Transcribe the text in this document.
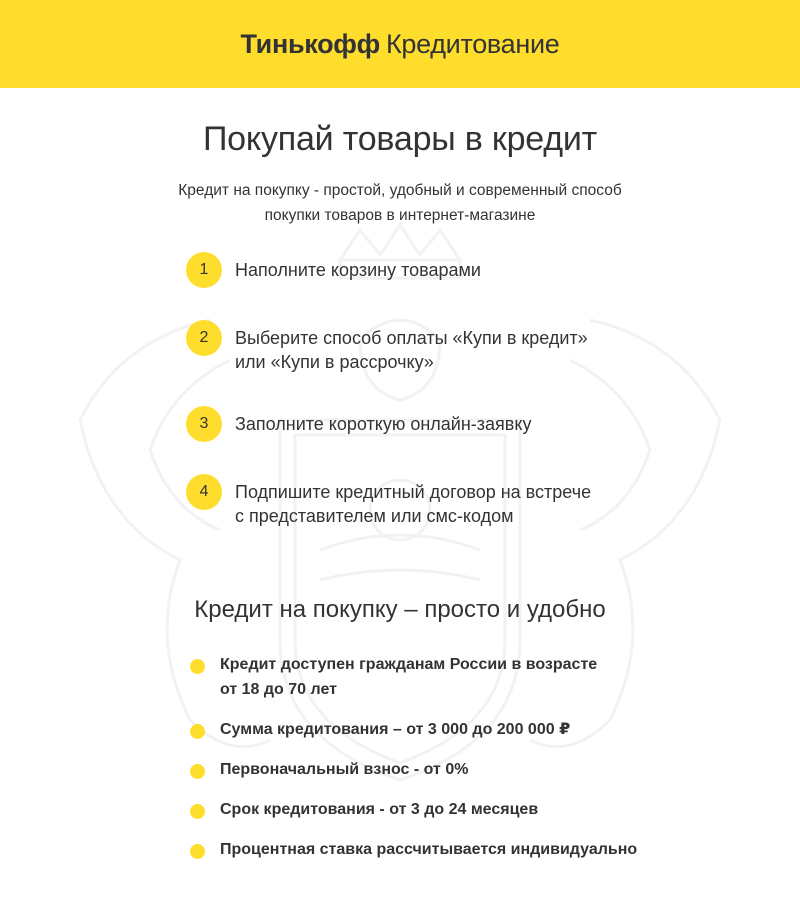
Тинькофф Кредитование
Покупай товары в кредит

Кредит на покупку - простой, удобный и современный способ
покупки товаров в интернет-магазине

1	Наполните корзину товарами
2	Выберите способ оплаты «Купи в кредит»
или «Купи в рассрочку»
3	Заполните короткую онлайн-заявку
4	Подпишите кредитный договор на встрече
с представителем или смс-кодом
Кредит на покупку – просто и удобно
Кредит доступен гражданам России в возрасте
от 18 до 70 лет
Сумма кредитования – от 3 000 до 200 000 ₽
Первоначальный взнос - от 0%
Срок кредитования - от 3 до 24 месяцев
Процентная ставка рассчитывается индивидуально
